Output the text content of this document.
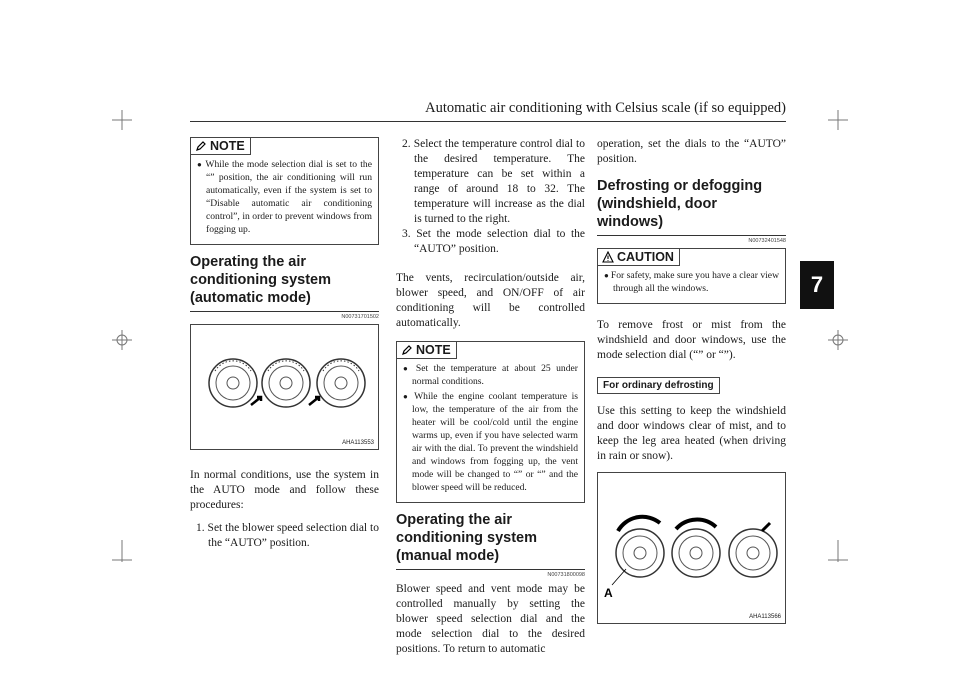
Automatic air conditioning with Celsius scale (if so equipped)
7

NOTE

● While the mode selection dial is set to the “” position, the air conditioning will run automatically, even if the system is set to “Disable automatic air conditioning control”, in order to prevent windows from fogging up.

Operating the air conditioning system (automatic mode)
N00731701502
AHA113553

In normal conditions, use the system in the AUTO mode and follow these procedures:

1. Set the blower speed selection dial to the “AUTO” position.

2. Select the temperature control dial to the desired temperature. The temperature can be set within a range of around 18 to 32. The temperature will increase as the dial is turned to the right.

3. Set the mode selection dial to the “AUTO” position.

The vents, recirculation/outside air, blower speed, and ON/OFF of air conditioning will be controlled automatically.

NOTE

● Set the temperature at about 25 under normal conditions.

● While the engine coolant temperature is low, the temperature of the air from the heater will be cool/cold until the engine warms up, even if you have selected warm air with the dial. To prevent the windshield and windows from fogging up, the vent mode will be changed to “” or “” and the blower speed will be reduced.

Operating the air conditioning system (manual mode)
N00731800098

Blower speed and vent mode may be controlled manually by setting the blower speed selection dial and the mode selection dial to the desired positions. To return to automatic

operation, set the dials to the “AUTO” position.

Defrosting or defogging (windshield, door windows)
N00732401548
CAUTION

● For safety, make sure you have a clear view through all the windows.

To remove frost or mist from the windshield and door windows, use the mode selection dial (“” or “”).

For ordinary defrosting

Use this setting to keep the windshield and door windows clear of mist, and to keep the leg area heated (when driving in rain or snow).

A
AHA113566
